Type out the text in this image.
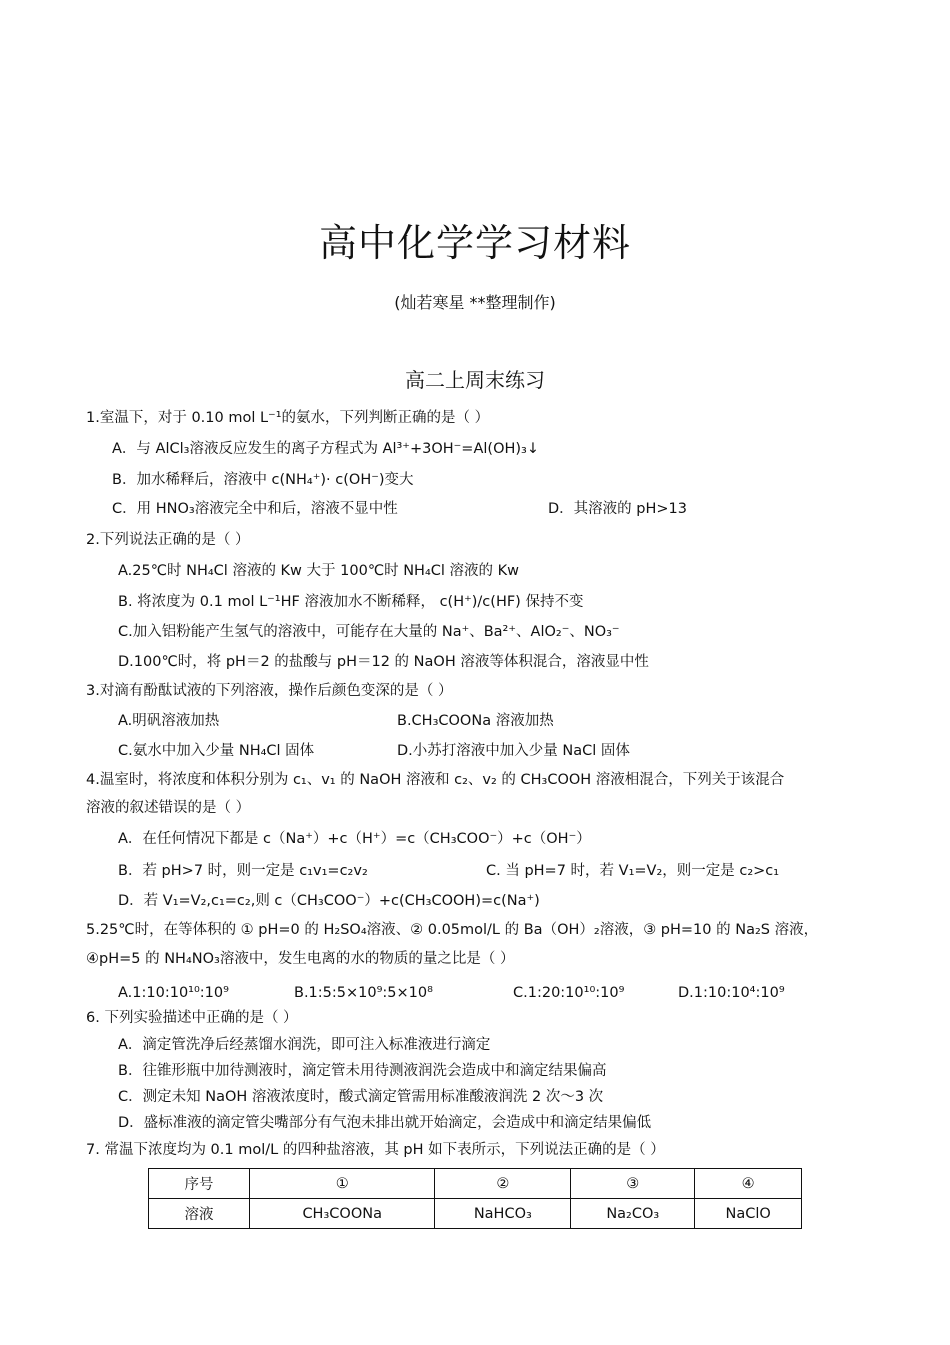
高中化学学习材料
(灿若寒星 **整理制作)
高二上周末练习
1.室温下，对于 0.10 mol L⁻¹的氨水，下列判断正确的是（ ）
A．与 AlCl₃溶液反应发生的离子方程式为 Al³⁺+3OH⁻=Al(OH)₃↓
B．加水稀释后，溶液中 c(NH₄⁺)· c(OH⁻)变大
C．用 HNO₃溶液完全中和后，溶液不显中性	D．其溶液的 pH>13
2.下列说法正确的是（ ）
A.25℃时 NH₄Cl 溶液的 Kw 大于 100℃时 NH₄Cl 溶液的 Kw
B. 将浓度为 0.1 mol L⁻¹HF 溶液加水不断稀释， c(H⁺)/c(HF) 保持不变
C.加入铝粉能产生氢气的溶液中，可能存在大量的 Na⁺、Ba²⁺、AlO₂⁻、NO₃⁻
D.100℃时，将 pH＝2 的盐酸与 pH＝12 的 NaOH 溶液等体积混合，溶液显中性
3.对滴有酚酞试液的下列溶液，操作后颜色变深的是（ ）
A.明矾溶液加热	B.CH₃COONa 溶液加热
C.氨水中加入少量 NH₄Cl 固体	D.小苏打溶液中加入少量 NaCl 固体
4.温室时，将浓度和体积分别为 c₁、v₁ 的 NaOH 溶液和 c₂、v₂ 的 CH₃COOH 溶液相混合，下列关于该混合
溶液的叙述错误的是（ ）
A．在任何情况下都是 c（Na⁺）+c（H⁺）=c（CH₃COO⁻）+c（OH⁻）
B．若 pH>7 时，则一定是 c₁v₁=c₂v₂	C. 当 pH=7 时，若 V₁=V₂，则一定是 c₂>c₁
D．若 V₁=V₂,c₁=c₂,则 c（CH₃COO⁻）+c(CH₃COOH)=c(Na⁺)
5.25℃时，在等体积的 ① pH=0 的 H₂SO₄溶液、② 0.05mol/L 的 Ba（OH）₂溶液，③ pH=10 的 Na₂S 溶液，
④pH=5 的 NH₄NO₃溶液中，发生电离的水的物质的量之比是（ ）
A.1:10:10¹⁰:10⁹	B.1:5:5×10⁹:5×10⁸	C.1:20:10¹⁰:10⁹	D.1:10:10⁴:10⁹
6. 下列实验描述中正确的是（ ）
A．滴定管洗净后经蒸馏水润洗，即可注入标准液进行滴定
B．往锥形瓶中加待测液时，滴定管未用待测液润洗会造成中和滴定结果偏高
C．测定未知 NaOH 溶液浓度时，酸式滴定管需用标准酸液润洗 2 次～3 次
D．盛标准液的滴定管尖嘴部分有气泡未排出就开始滴定，会造成中和滴定结果偏低
7. 常温下浓度均为 0.1 mol/L 的四种盐溶液，其 pH 如下表所示，下列说法正确的是（ ）
序号	①	②	③	④
溶液	CH₃COONa	NaHCO₃	Na₂CO₃	NaClO
